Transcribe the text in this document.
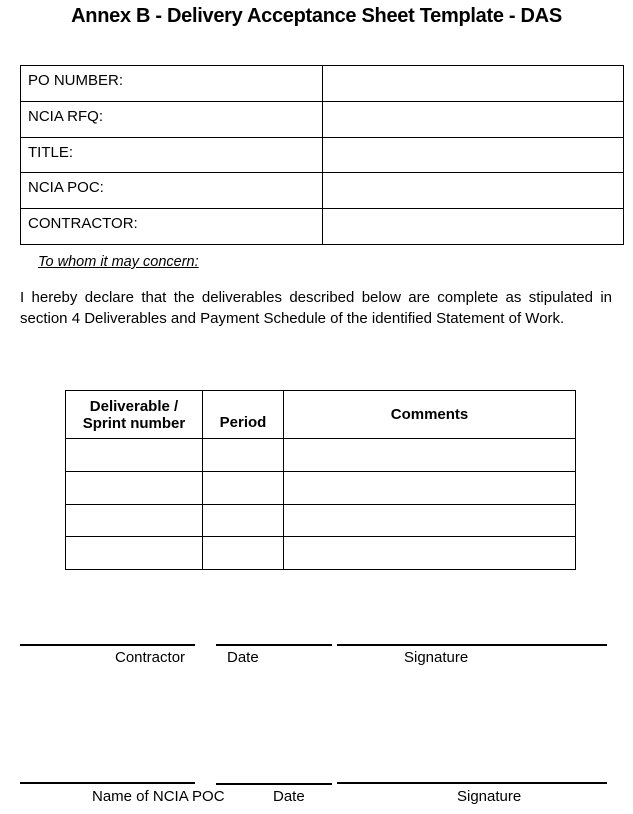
Annex B - Delivery Acceptance Sheet Template - DAS
PO NUMBER:	
NCIA RFQ:	
TITLE:	
NCIA POC:	
CONTRACTOR:	
To whom it may concern:
I hereby declare that the deliverables described below are complete as stipulated in section 4 Deliverables and Payment Schedule of the identified Statement of Work.
Deliverable / Sprint number	Period	Comments

Contractor	Date	Signature
Name of NCIA POC	Date	Signature
